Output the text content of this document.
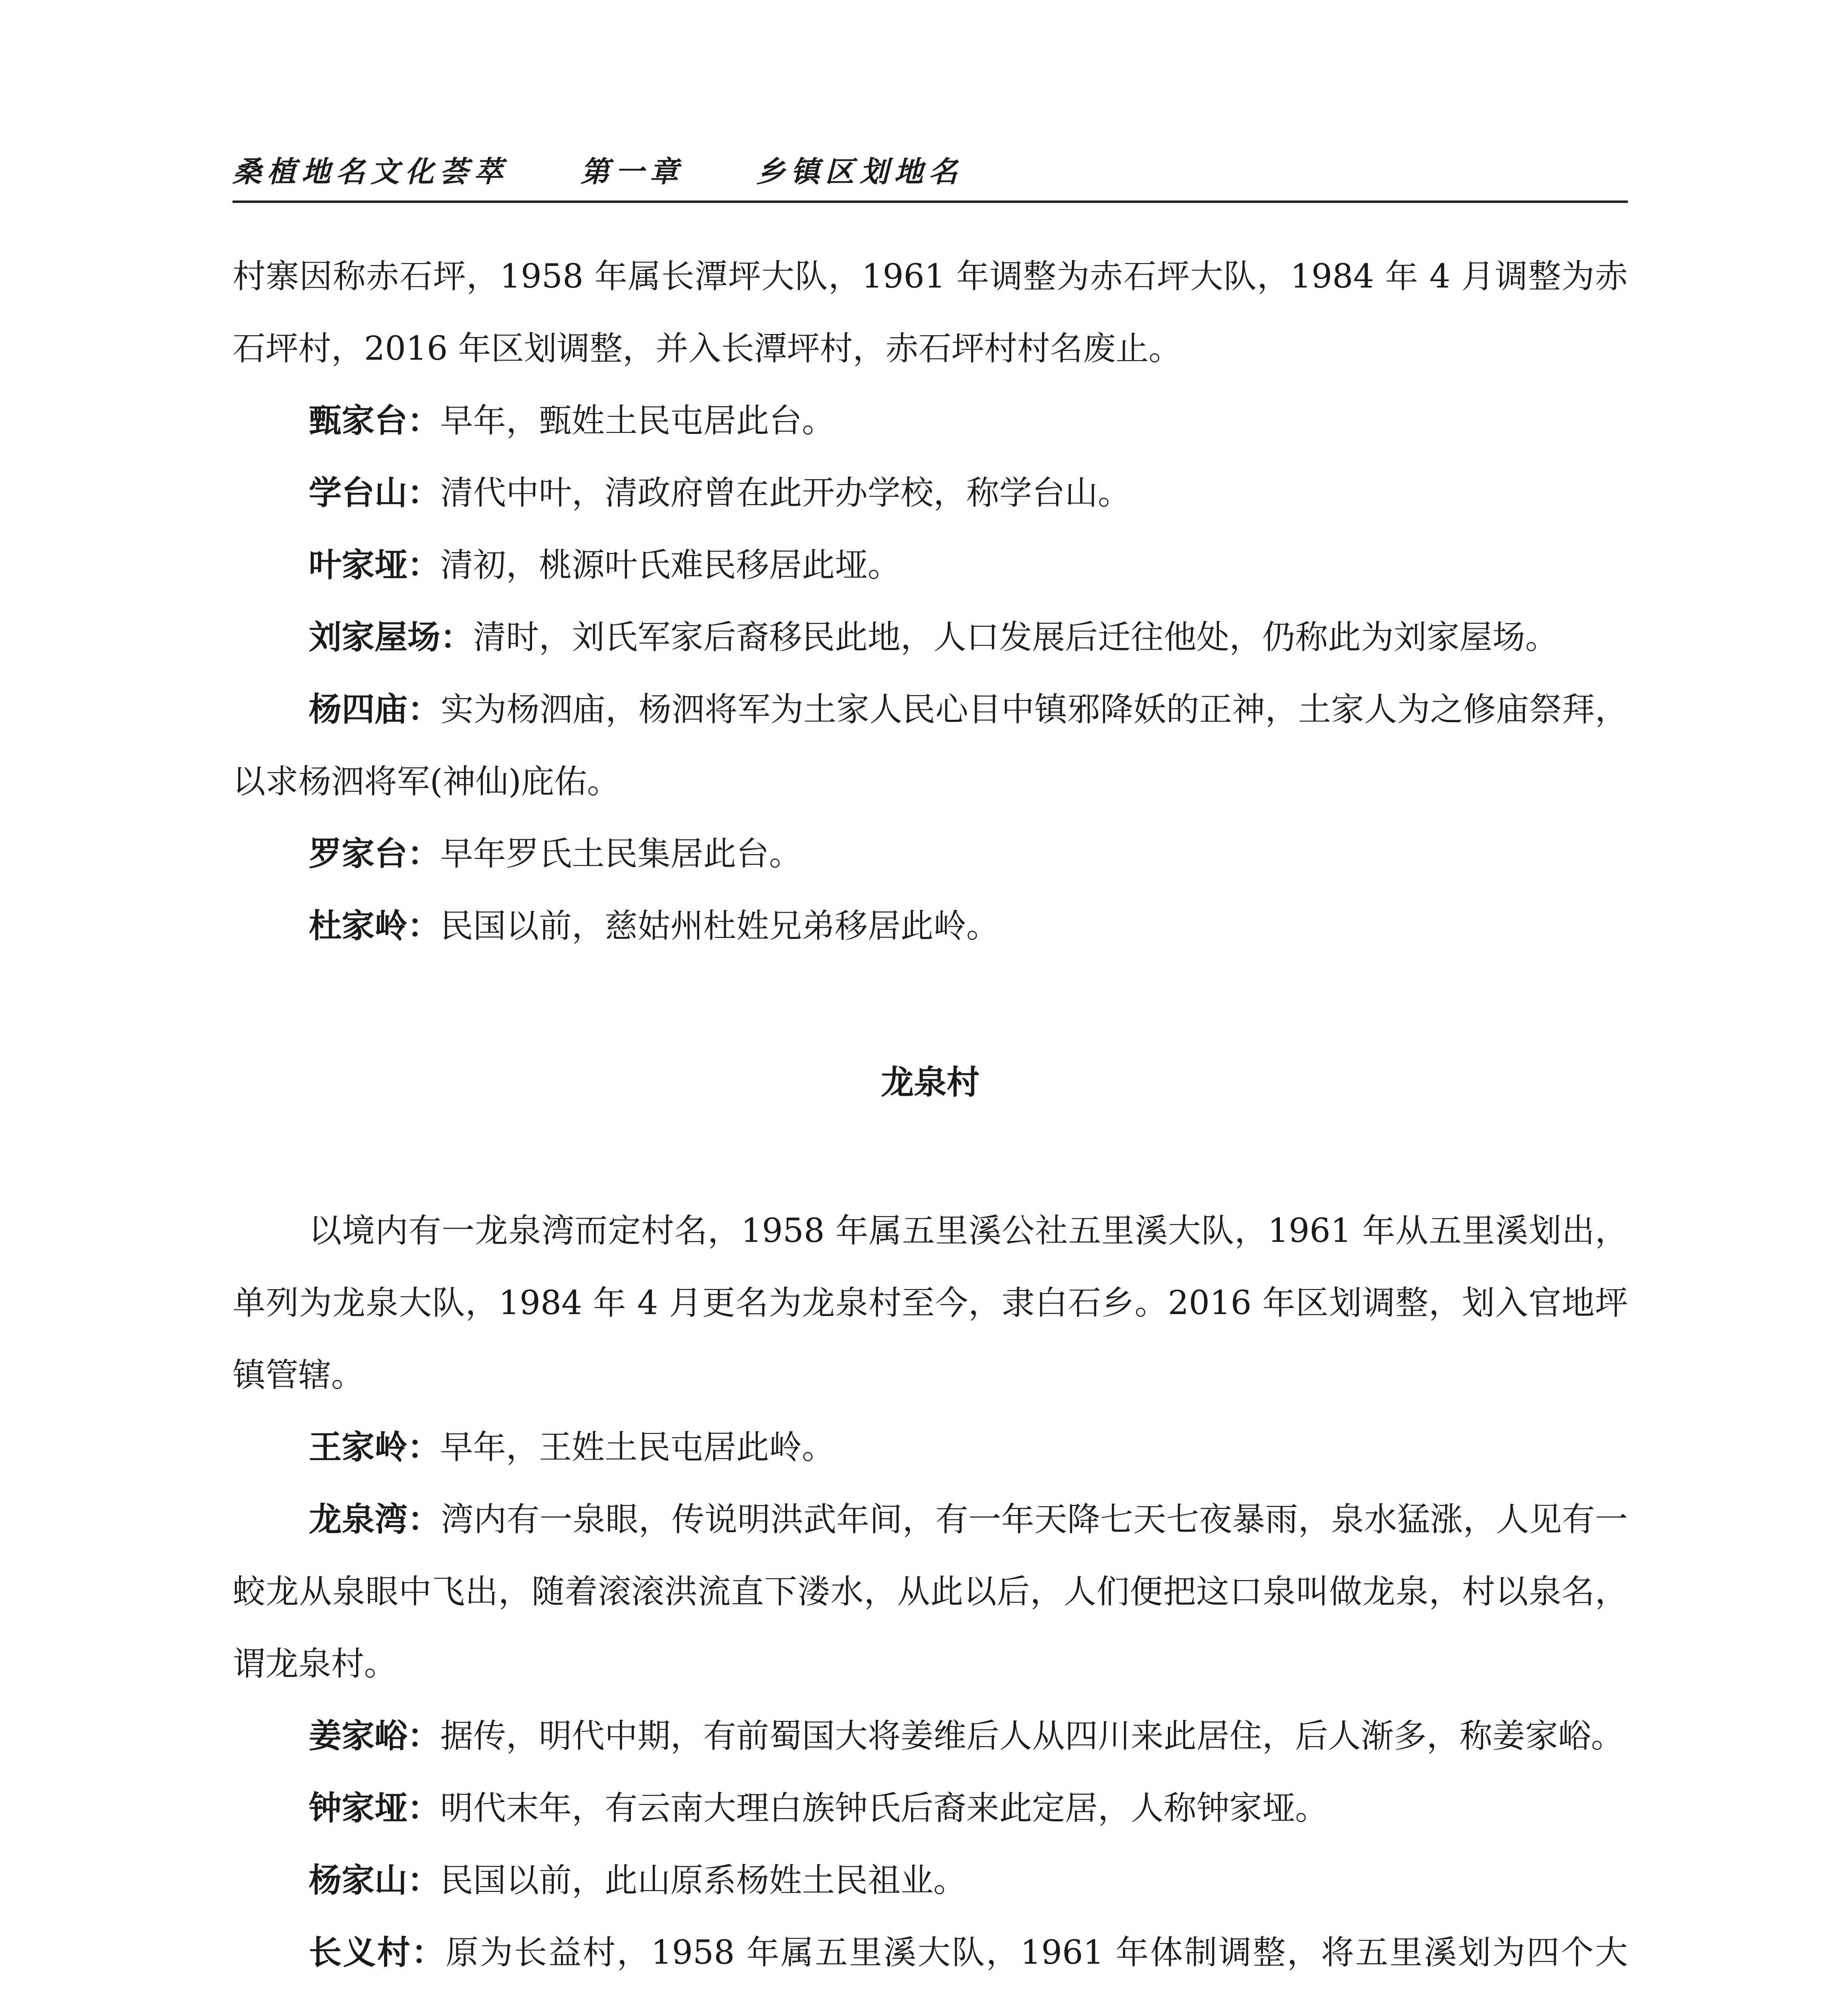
桑植地名文化荟萃	第一章	乡镇区划地名

村寨因称赤石坪，1958 年属长潭坪大队，1961 年调整为赤石坪大队，1984 年 4 月调整为赤石坪村，2016 年区划调整，并入长潭坪村，赤石坪村村名废止。

甄家台：早年，甄姓土民屯居此台。

学台山：清代中叶，清政府曾在此开办学校，称学台山。

叶家垭：清初，桃源叶氏难民移居此垭。

刘家屋场：清时，刘氏军家后裔移民此地，人口发展后迁往他处，仍称此为刘家屋场。

杨四庙：实为杨泗庙，杨泗将军为土家人民心目中镇邪降妖的正神，土家人为之修庙祭拜，以求杨泗将军(神仙)庇佑。

罗家台：早年罗氏土民集居此台。

杜家岭：民国以前，慈姑州杜姓兄弟移居此岭。

龙泉村

以境内有一龙泉湾而定村名，1958 年属五里溪公社五里溪大队，1961 年从五里溪划出，单列为龙泉大队，1984 年 4 月更名为龙泉村至今，隶白石乡。2016 年区划调整，划入官地坪镇管辖。

王家岭：早年，王姓土民屯居此岭。

龙泉湾：湾内有一泉眼，传说明洪武年间，有一年天降七天七夜暴雨，泉水猛涨，人见有一蛟龙从泉眼中飞出，随着滚滚洪流直下溇水，从此以后，人们便把这口泉叫做龙泉，村以泉名，谓龙泉村。

姜家峪：据传，明代中期，有前蜀国大将姜维后人从四川来此居住，后人渐多，称姜家峪。

钟家垭：明代末年，有云南大理白族钟氏后裔来此定居，人称钟家垭。

杨家山：民国以前，此山原系杨姓土民祖业。

长义村：原为长益村，1958 年属五里溪大队，1961 年体制调整，将五里溪划为四个大
